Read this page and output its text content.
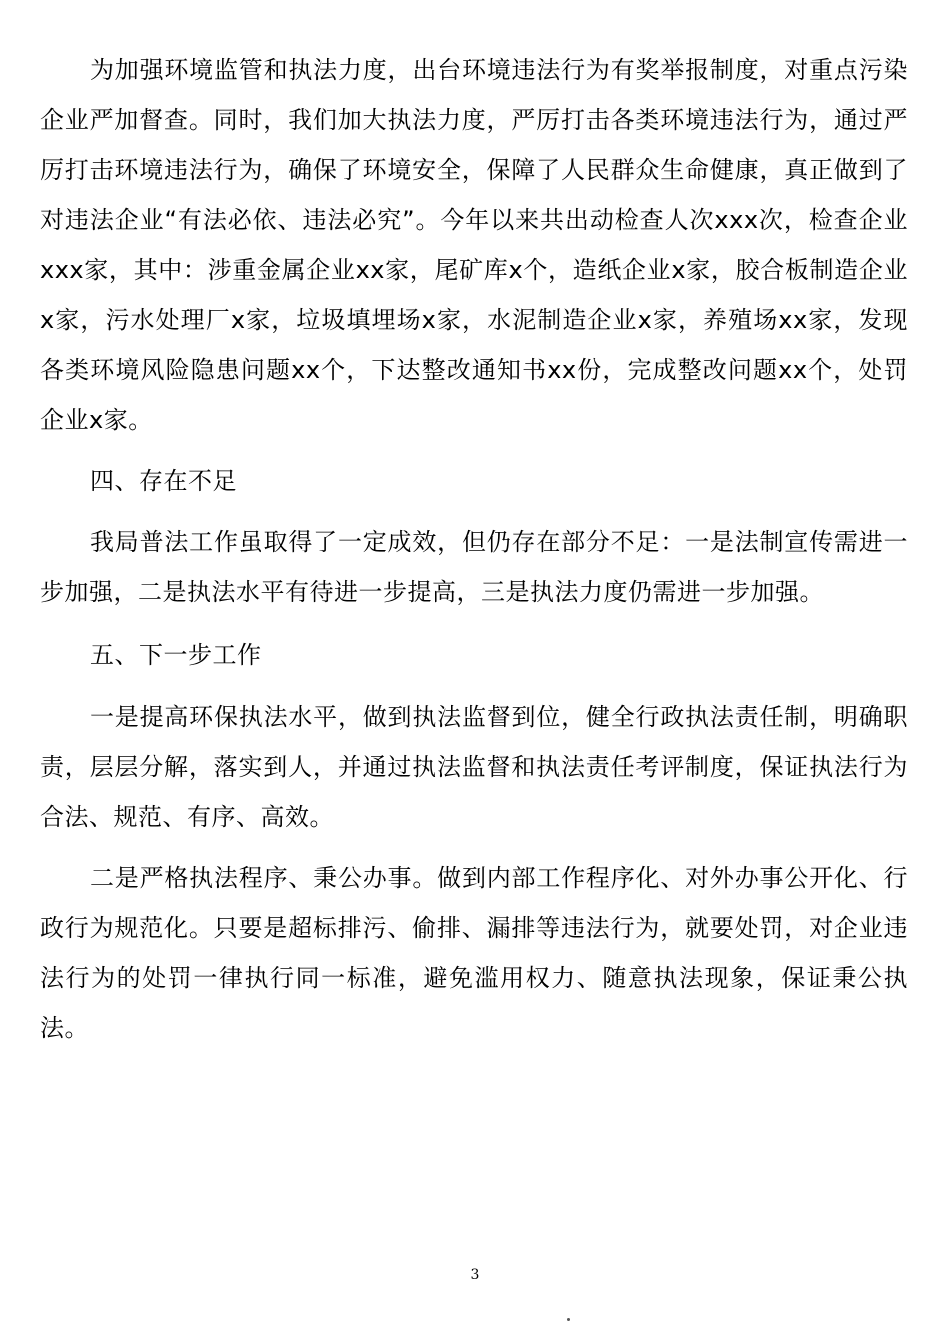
为加强环境监管和执法力度，出台环境违法行为有奖举报制度，对重点污染企业严加督查。同时，我们加大执法力度，严厉打击各类环境违法行为，通过严厉打击环境违法行为，确保了环境安全，保障了人民群众生命健康，真正做到了对违法企业“有法必依、违法必究”。今年以来共出动检查人次xxx次，检查企业xxx家，其中：涉重金属企业xx家，尾矿库x个，造纸企业x家，胶合板制造企业x家，污水处理厂x家，垃圾填埋场x家，水泥制造企业x家，养殖场xx家，发现各类环境风险隐患问题xx个，下达整改通知书xx份，完成整改问题xx个，处罚企业x家。

四、存在不足

我局普法工作虽取得了一定成效，但仍存在部分不足：一是法制宣传需进一步加强，二是执法水平有待进一步提高，三是执法力度仍需进一步加强。

五、下一步工作

一是提高环保执法水平，做到执法监督到位，健全行政执法责任制，明确职责，层层分解，落实到人，并通过执法监督和执法责任考评制度，保证执法行为合法、规范、有序、高效。

二是严格执法程序、秉公办事。做到内部工作程序化、对外办事公开化、行政行为规范化。只要是超标排污、偷排、漏排等违法行为，就要处罚，对企业违法行为的处罚一律执行同一标准，避免滥用权力、随意执法现象，保证秉公执法。

3
